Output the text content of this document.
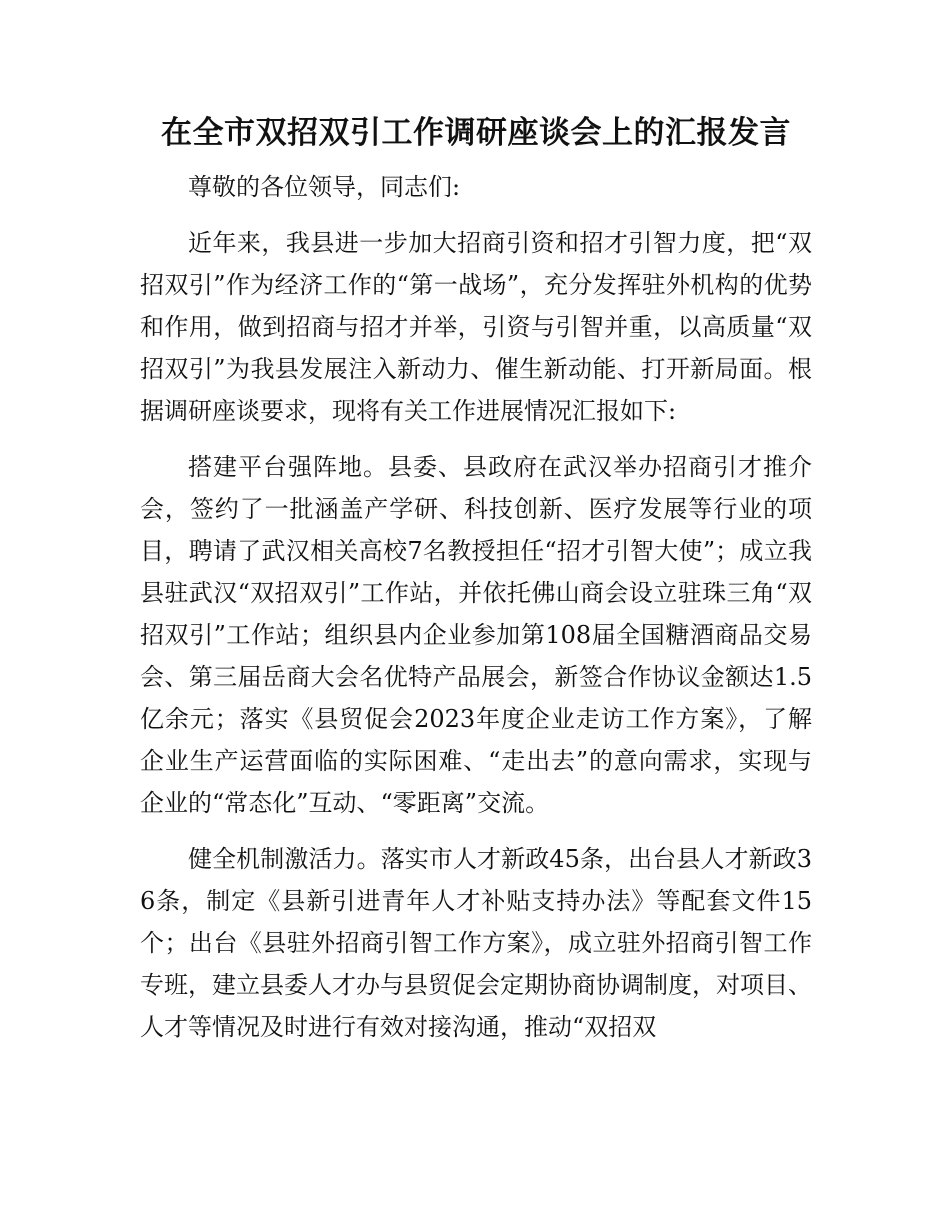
在全市双招双引工作调研座谈会上的汇报发言

尊敬的各位领导，同志们:

近年来，我县进一步加大招商引资和招才引智力度，把“双招双引”作为经济工作的“第一战场”，充分发挥驻外机构的优势和作用，做到招商与招才并举，引资与引智并重，以高质量“双招双引”为我县发展注入新动力、催生新动能、打开新局面。根据调研座谈要求，现将有关工作进展情况汇报如下:

搭建平台强阵地。县委、县政府在武汉举办招商引才推介会，签约了一批涵盖产学研、科技创新、医疗发展等行业的项目，聘请了武汉相关高校7名教授担任“招才引智大使”；成立我县驻武汉“双招双引”工作站，并依托佛山商会设立驻珠三角“双招双引”工作站；组织县内企业参加第108届全国糖酒商品交易会、第三届岳商大会名优特产品展会，新签合作协议金额达1.5亿余元；落实《县贸促会2023年度企业走访工作方案》，了解企业生产运营面临的实际困难、“走出去”的意向需求，实现与企业的“常态化”互动、“零距离”交流。

健全机制激活力。落实市人才新政45条，出台县人才新政36条，制定《县新引进青年人才补贴支持办法》等配套文件15个；出台《县驻外招商引智工作方案》，成立驻外招商引智工作专班，建立县委人才办与县贸促会定期协商协调制度，对项目、人才等情况及时进行有效对接沟通，推动“双招双
